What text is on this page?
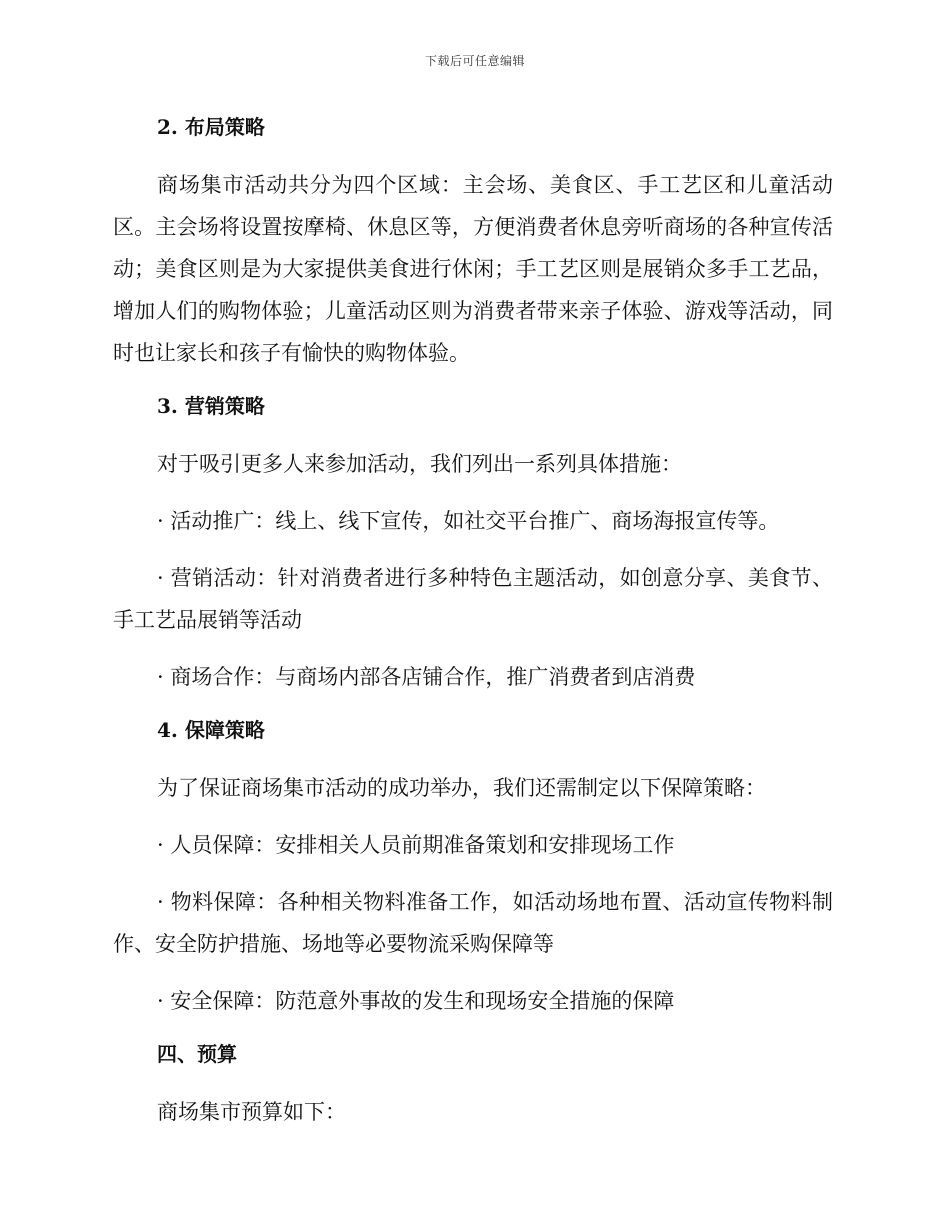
下载后可任意编辑
2. 布局策略

商场集市活动共分为四个区域：主会场、美食区、手工艺区和儿童活动区。主会场将设置按摩椅、休息区等，方便消费者休息旁听商场的各种宣传活动；美食区则是为大家提供美食进行休闲；手工艺区则是展销众多手工艺品，增加人们的购物体验；儿童活动区则为消费者带来亲子体验、游戏等活动，同时也让家长和孩子有愉快的购物体验。

3. 营销策略

对于吸引更多人来参加活动，我们列出一系列具体措施：

· 活动推广：线上、线下宣传，如社交平台推广、商场海报宣传等。

· 营销活动：针对消费者进行多种特色主题活动，如创意分享、美食节、手工艺品展销等活动

· 商场合作：与商场内部各店铺合作，推广消费者到店消费

4. 保障策略

为了保证商场集市活动的成功举办，我们还需制定以下保障策略：

· 人员保障：安排相关人员前期准备策划和安排现场工作

· 物料保障：各种相关物料准备工作，如活动场地布置、活动宣传物料制作、安全防护措施、场地等必要物流采购保障等

· 安全保障：防范意外事故的发生和现场安全措施的保障

四、预算

商场集市预算如下：
